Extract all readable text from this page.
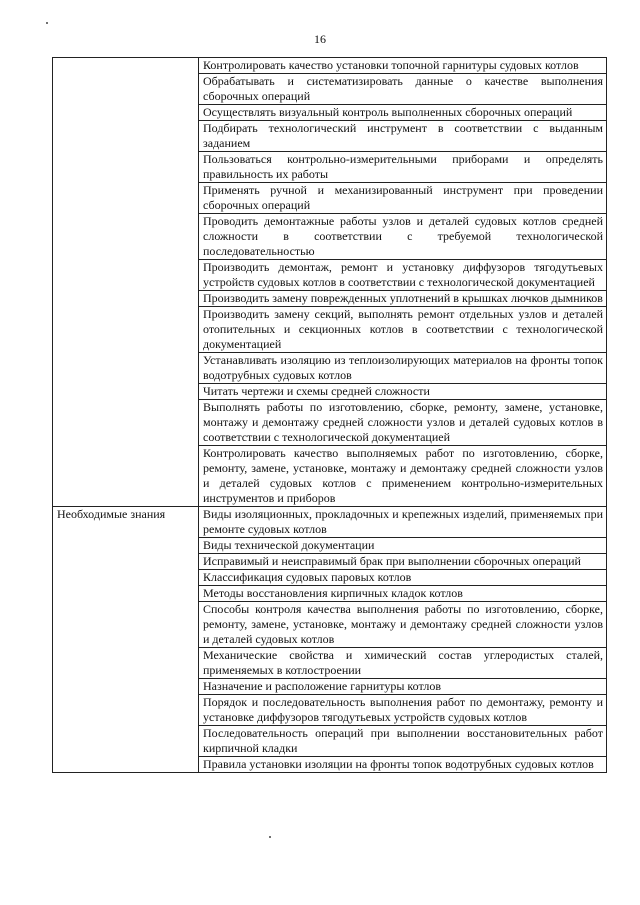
16
	Контролировать качество установки топочной гарнитуры судовых котлов
	Обрабатывать и систематизировать данные о качестве выполнения сборочных операций
	Осуществлять визуальный контроль выполненных сборочных операций
	Подбирать технологический инструмент в соответствии с выданным заданием
	Пользоваться контрольно-измерительными приборами и определять правильность их работы
	Применять ручной и механизированный инструмент при проведении сборочных операций
	Проводить демонтажные работы узлов и деталей судовых котлов средней сложности в соответствии с требуемой технологической последовательностью
	Производить демонтаж, ремонт и установку диффузоров тягодутьевых устройств судовых котлов в соответствии с технологической документацией
	Производить замену поврежденных уплотнений в крышках лючков дымников
	Производить замену секций, выполнять ремонт отдельных узлов и деталей отопительных и секционных котлов в соответствии с технологической документацией
	Устанавливать изоляцию из теплоизолирующих материалов на фронты топок водотрубных судовых котлов
	Читать чертежи и схемы средней сложности
	Выполнять работы по изготовлению, сборке, ремонту, замене, установке, монтажу и демонтажу средней сложности узлов и деталей судовых котлов в соответствии с технологической документацией
	Контролировать качество выполняемых работ по изготовлению, сборке, ремонту, замене, установке, монтажу и демонтажу средней сложности узлов и деталей судовых котлов с применением контрольно-измерительных инструментов и приборов
Необходимые знания	Виды изоляционных, прокладочных и крепежных изделий, применяемых при ремонте судовых котлов
	Виды технической документации
	Исправимый и неисправимый брак при выполнении сборочных операций
	Классификация судовых паровых котлов
	Методы восстановления кирпичных кладок котлов
	Способы контроля качества выполнения работы по изготовлению, сборке, ремонту, замене, установке, монтажу и демонтажу средней сложности узлов и деталей судовых котлов
	Механические свойства и химический состав углеродистых сталей, применяемых в котлостроении
	Назначение и расположение гарнитуры котлов
	Порядок и последовательность выполнения работ по демонтажу, ремонту и установке диффузоров тягодутьевых устройств судовых котлов
	Последовательность операций при выполнении восстановительных работ кирпичной кладки
	Правила установки изоляции на фронты топок водотрубных судовых котлов
